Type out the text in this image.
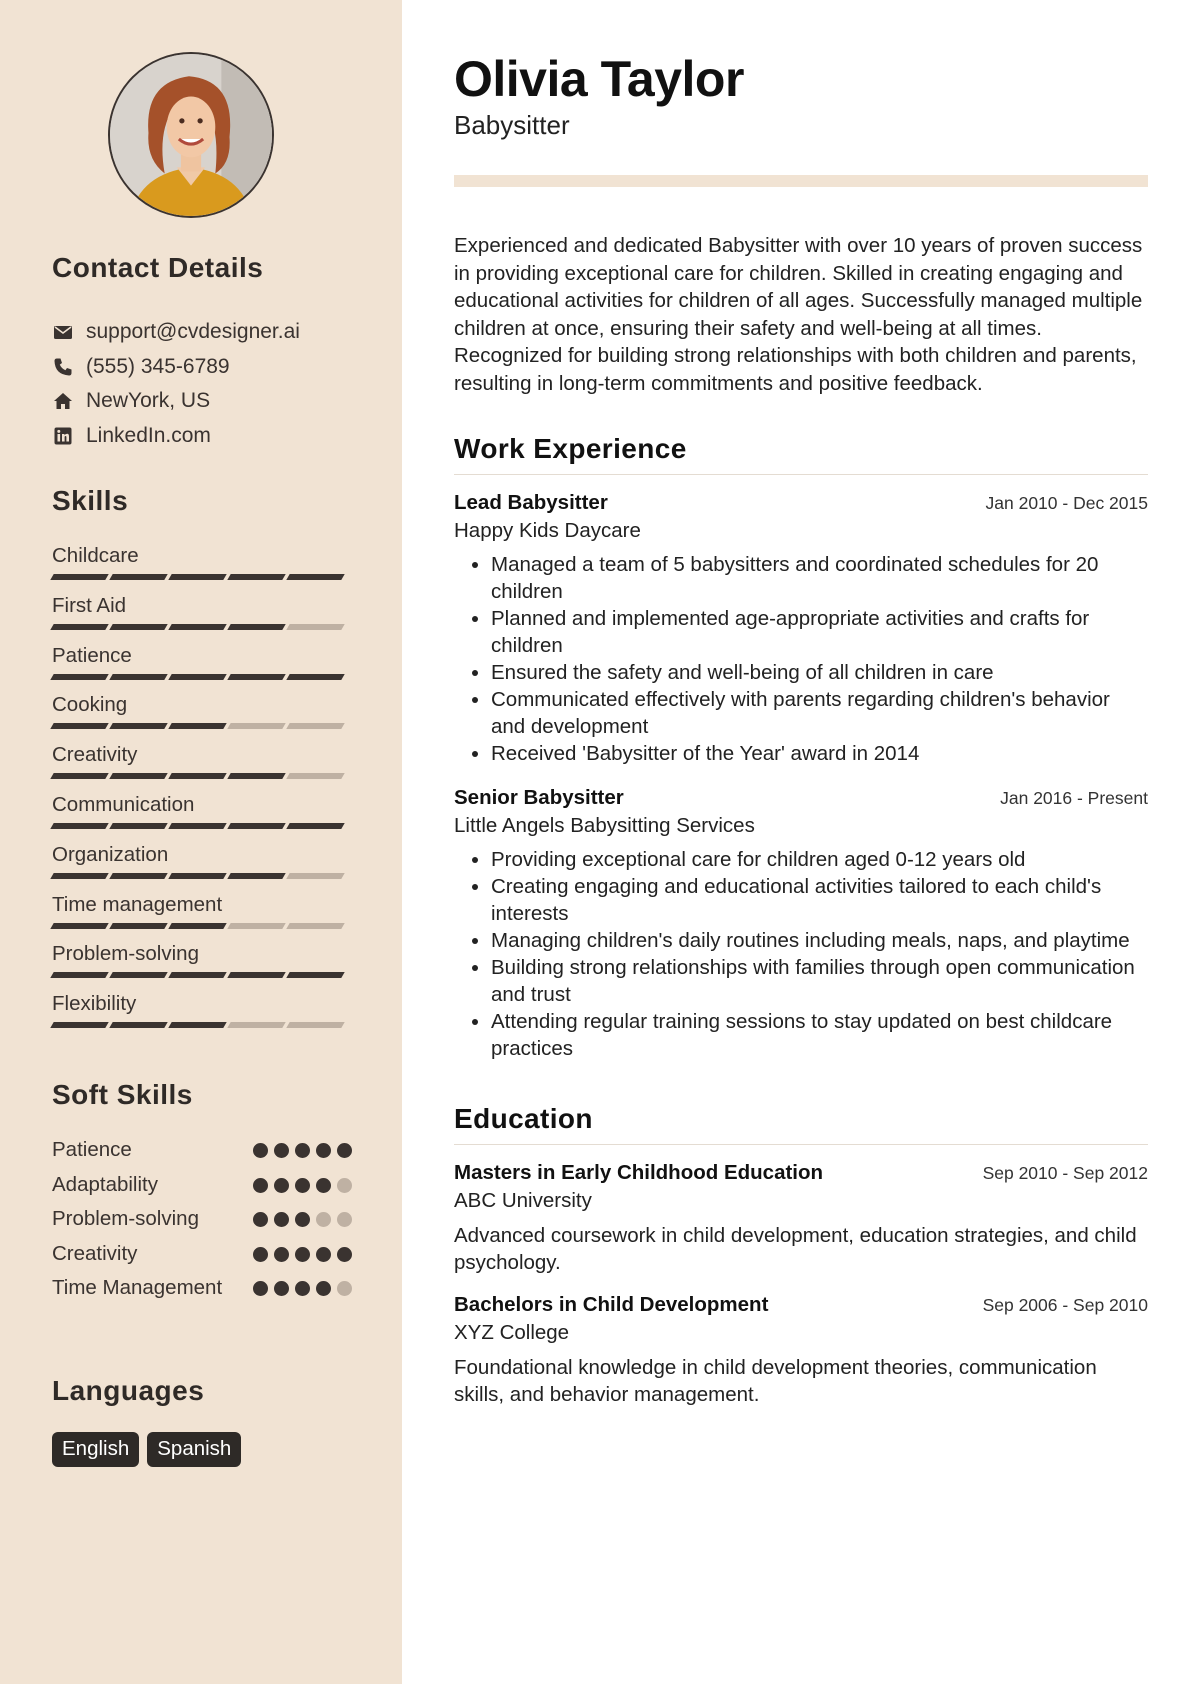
Contact Details
support@cvdesigner.ai
(555) 345-6789
NewYork, US
LinkedIn.com
Skills
Childcare
First Aid
Patience
Cooking
Creativity
Communication
Organization
Time management
Problem-solving
Flexibility
Soft Skills
Patience
Adaptability
Problem-solving
Creativity
Time Management
Languages
English	Spanish
Olivia Taylor
Babysitter

Experienced and dedicated Babysitter with over 10 years of proven success in providing exceptional care for children. Skilled in creating engaging and educational activities for children of all ages. Successfully managed multiple children at once, ensuring their safety and well-being at all times. Recognized for building strong relationships with both children and parents, resulting in long-term commitments and positive feedback.

Work Experience
Lead Babysitter	Jan 2010 - Dec 2015
Happy Kids Daycare
• Managed a team of 5 babysitters and coordinated schedules for 20 children
• Planned and implemented age-appropriate activities and crafts for children
• Ensured the safety and well-being of all children in care
• Communicated effectively with parents regarding children's behavior and development
• Received 'Babysitter of the Year' award in 2014
Senior Babysitter	Jan 2016 - Present
Little Angels Babysitting Services
• Providing exceptional care for children aged 0-12 years old
• Creating engaging and educational activities tailored to each child's interests
• Managing children's daily routines including meals, naps, and playtime
• Building strong relationships with families through open communication and trust
• Attending regular training sessions to stay updated on best childcare practices
Education
Masters in Early Childhood Education	Sep 2010 - Sep 2012
ABC University

Advanced coursework in child development, education strategies, and child psychology.

Bachelors in Child Development	Sep 2006 - Sep 2010
XYZ College

Foundational knowledge in child development theories, communication skills, and behavior management.
